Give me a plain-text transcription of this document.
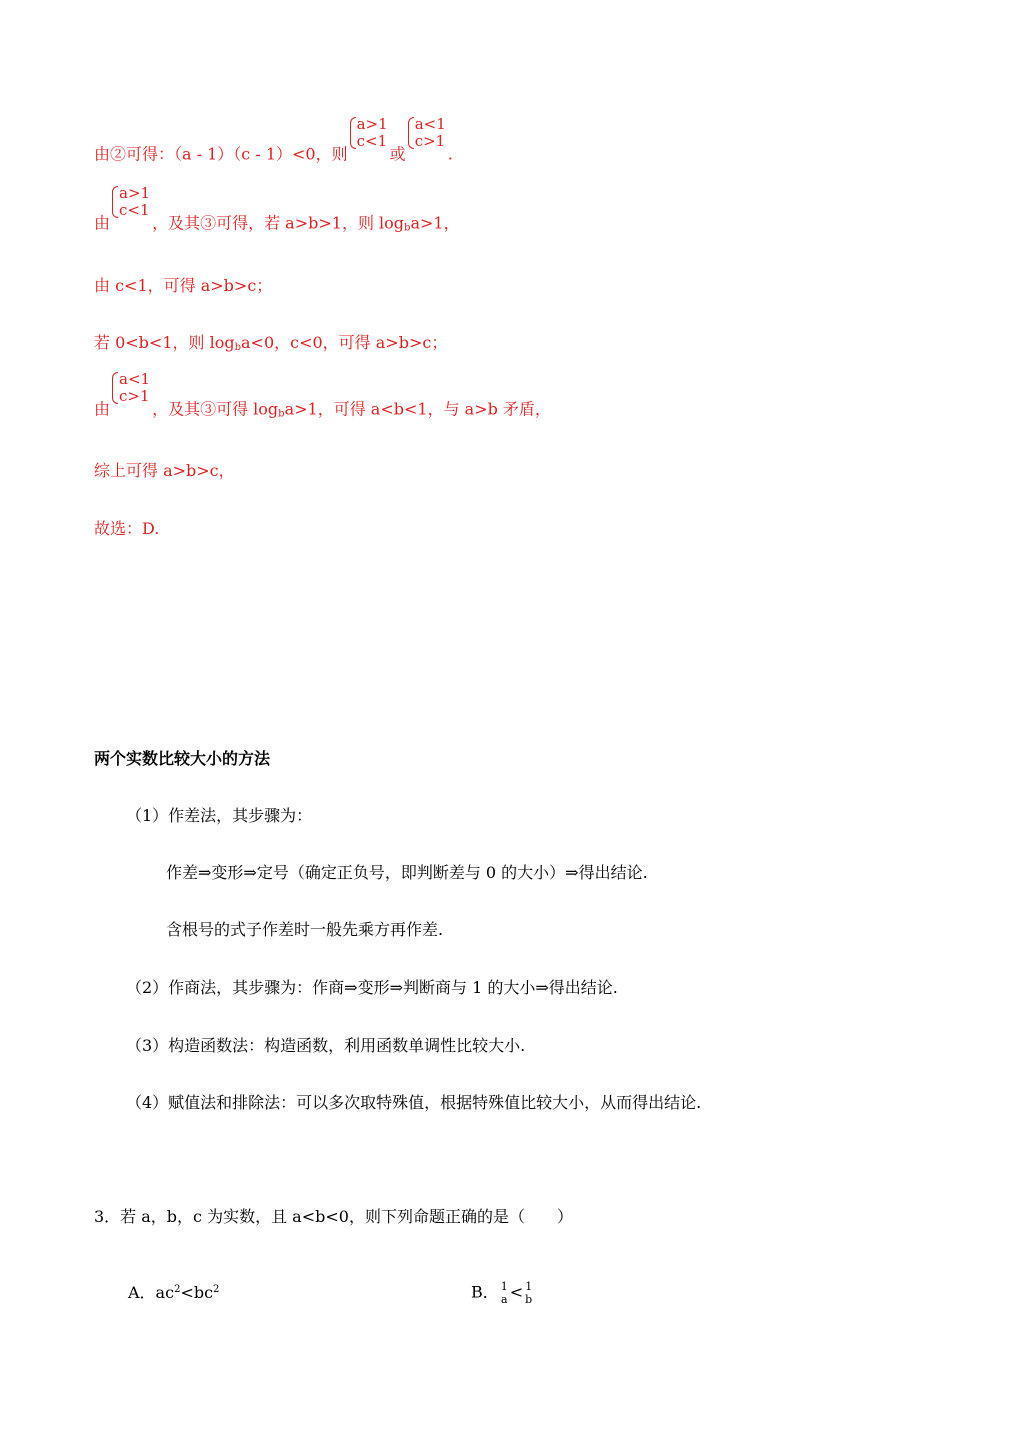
由②可得：（a - 1）（c - 1）<0，则
a>1
c<1
或
a<1
c>1
.
由
a>1
c<1
，及其③可得，若 a>b>1，则 $\log_ba>1$，
由 c<1，可得 a>b>c；
若 0<b<1，则 $\log_ba<0$，c<0，可得 a>b>c；
由
a<1
c>1
，及其③可得 $\log_ba>1$，可得 a<b<1，与 a>b 矛盾，
综上可得 a>b>c，
故选：D.
两个实数比较大小的方法
（1）作差法，其步骤为：
作差⇒变形⇒定号（确定正负号，即判断差与 0 的大小）⇒得出结论.
含根号的式子作差时一般先乘方再作差.
（2）作商法，其步骤为：作商⇒变形⇒判断商与 1 的大小⇒得出结论.
（3）构造函数法：构造函数，利用函数单调性比较大小.
（4）赋值法和排除法：可以多次取特殊值，根据特殊值比较大小，从而得出结论.
3．若 a，b，c 为实数，且 a<b<0，则下列命题正确的是（　　）
A．$ac^2<bc^2$	B． 1
a < 1
b
